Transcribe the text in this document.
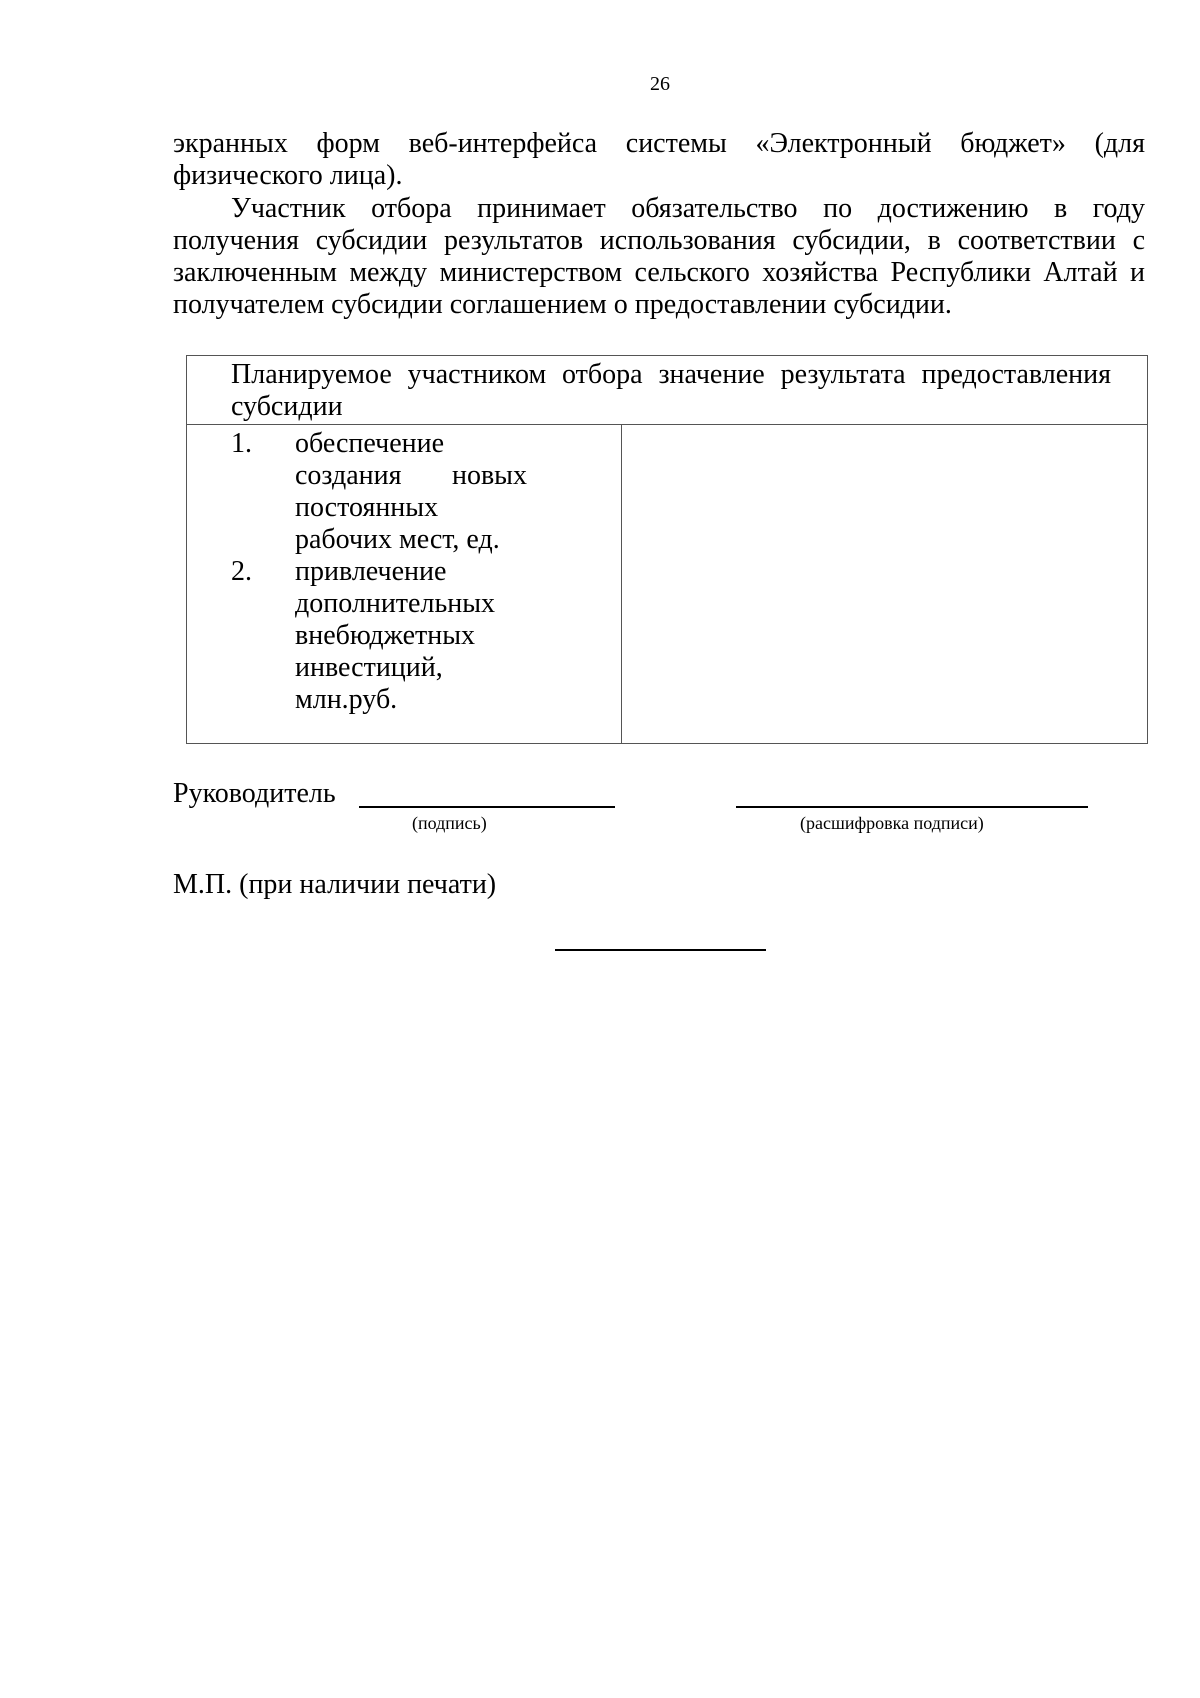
26

экранных форм веб-интерфейса системы «Электронный бюджет» (для физического лица).

Участник отбора принимает обязательство по достижению в году получения субсидии результатов использования субсидии, в соответствии с заключенным между министерством сельского хозяйства Республики Алтай и получателем субсидии соглашением о предоставлении субсидии.

Планируемое участником отбора значение результата предоставления субсидии

1.	обеспечение создания новых постоянных рабочих мест, ед.
2.	привлечение дополнительных внебюджетных инвестиций, млн.руб.

Руководитель
(подпись)	(расшифровка подписи)
М.П. (при наличии печати)
